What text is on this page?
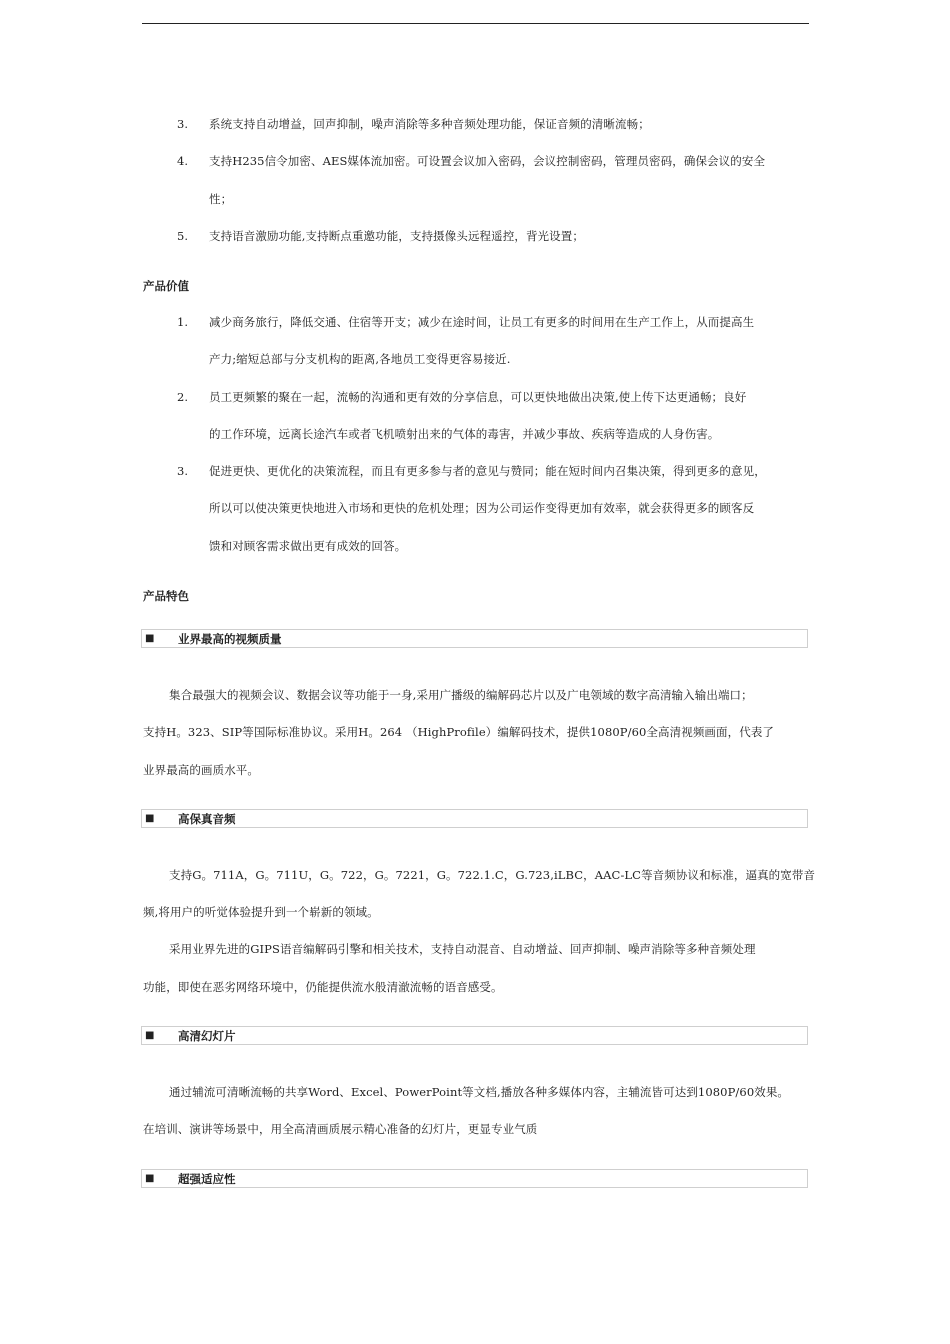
3. 系统支持自动增益，回声抑制，噪声消除等多种音频处理功能，保证音频的清晰流畅；
4. 支持H235信令加密、AES媒体流加密。可设置会议加入密码，会议控制密码，管理员密码，确保会议的安全
性；
5. 支持语音激励功能,支持断点重邀功能，支持摄像头远程遥控，背光设置；
产品价值
1. 减少商务旅行，降低交通、住宿等开支；减少在途时间，让员工有更多的时间用在生产工作上，从而提高生
产力;缩短总部与分支机构的距离,各地员工变得更容易接近.
2. 员工更频繁的聚在一起，流畅的沟通和更有效的分享信息，可以更快地做出决策,使上传下达更通畅；良好
的工作环境，远离长途汽车或者飞机喷射出来的气体的毒害，并减少事故、疾病等造成的人身伤害。
3. 促进更快、更优化的决策流程，而且有更多参与者的意见与赞同；能在短时间内召集决策，得到更多的意见，
所以可以使决策更快地进入市场和更快的危机处理；因为公司运作变得更加有效率，就会获得更多的顾客反
馈和对顾客需求做出更有成效的回答。
产品特色
■ 业界最高的视频质量
集合最强大的视频会议、数据会议等功能于一身,采用广播级的编解码芯片以及广电领域的数字高清输入输出端口；
支持H。323、SIP等国际标准协议。采用H。264 （HighProfile）编解码技术，提供1080P/60全高清视频画面，代表了
业界最高的画质水平。
■ 高保真音频
支持G。711A，G。711U，G。722，G。7221，G。722.1.C，G.723,iLBC，AAC-LC等音频协议和标准，逼真的宽带音
频,将用户的听觉体验提升到一个崭新的领域。
采用业界先进的GIPS语音编解码引擎和相关技术，支持自动混音、自动增益、回声抑制、噪声消除等多种音频处理
功能，即使在恶劣网络环境中，仍能提供流水般清澈流畅的语音感受。
■ 高清幻灯片
通过辅流可清晰流畅的共享Word、Excel、PowerPoint等文档,播放各种多媒体内容，主辅流皆可达到1080P/60效果。
在培训、演讲等场景中，用全高清画质展示精心准备的幻灯片，更显专业气质
■ 超强适应性
